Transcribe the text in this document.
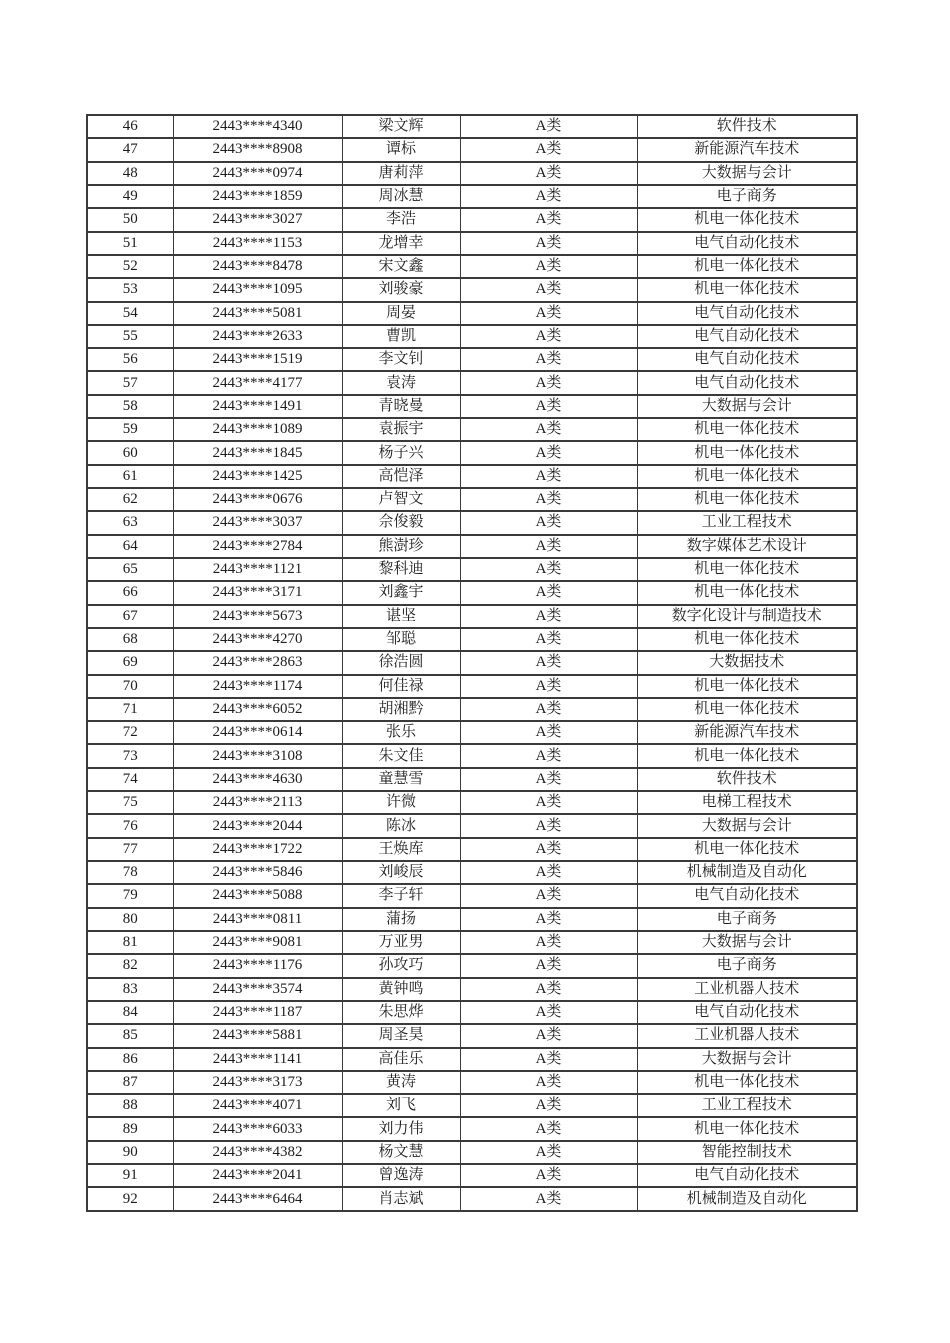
46	2443****4340	梁文辉	A类	软件技术
47	2443****8908	谭标	A类	新能源汽车技术
48	2443****0974	唐莉萍	A类	大数据与会计
49	2443****1859	周冰慧	A类	电子商务
50	2443****3027	李浩	A类	机电一体化技术
51	2443****1153	龙增幸	A类	电气自动化技术
52	2443****8478	宋文鑫	A类	机电一体化技术
53	2443****1095	刘骏豪	A类	机电一体化技术
54	2443****5081	周晏	A类	电气自动化技术
55	2443****2633	曹凯	A类	电气自动化技术
56	2443****1519	李文钊	A类	电气自动化技术
57	2443****4177	袁涛	A类	电气自动化技术
58	2443****1491	青晓曼	A类	大数据与会计
59	2443****1089	袁振宇	A类	机电一体化技术
60	2443****1845	杨子兴	A类	机电一体化技术
61	2443****1425	高恺泽	A类	机电一体化技术
62	2443****0676	卢智文	A类	机电一体化技术
63	2443****3037	佘俊毅	A类	工业工程技术
64	2443****2784	熊澍珍	A类	数字媒体艺术设计
65	2443****1121	黎科迪	A类	机电一体化技术
66	2443****3171	刘鑫宇	A类	机电一体化技术
67	2443****5673	谌坚	A类	数字化设计与制造技术
68	2443****4270	邹聪	A类	机电一体化技术
69	2443****2863	徐浩圆	A类	大数据技术
70	2443****1174	何佳禄	A类	机电一体化技术
71	2443****6052	胡湘黔	A类	机电一体化技术
72	2443****0614	张乐	A类	新能源汽车技术
73	2443****3108	朱文佳	A类	机电一体化技术
74	2443****4630	童慧雪	A类	软件技术
75	2443****2113	许微	A类	电梯工程技术
76	2443****2044	陈冰	A类	大数据与会计
77	2443****1722	王焕库	A类	机电一体化技术
78	2443****5846	刘峻辰	A类	机械制造及自动化
79	2443****5088	李子轩	A类	电气自动化技术
80	2443****0811	蒲扬	A类	电子商务
81	2443****9081	万亚男	A类	大数据与会计
82	2443****1176	孙攻巧	A类	电子商务
83	2443****3574	黄钟鸣	A类	工业机器人技术
84	2443****1187	朱思烨	A类	电气自动化技术
85	2443****5881	周圣昊	A类	工业机器人技术
86	2443****1141	高佳乐	A类	大数据与会计
87	2443****3173	黄涛	A类	机电一体化技术
88	2443****4071	刘飞	A类	工业工程技术
89	2443****6033	刘力伟	A类	机电一体化技术
90	2443****4382	杨文慧	A类	智能控制技术
91	2443****2041	曾逸涛	A类	电气自动化技术
92	2443****6464	肖志斌	A类	机械制造及自动化
